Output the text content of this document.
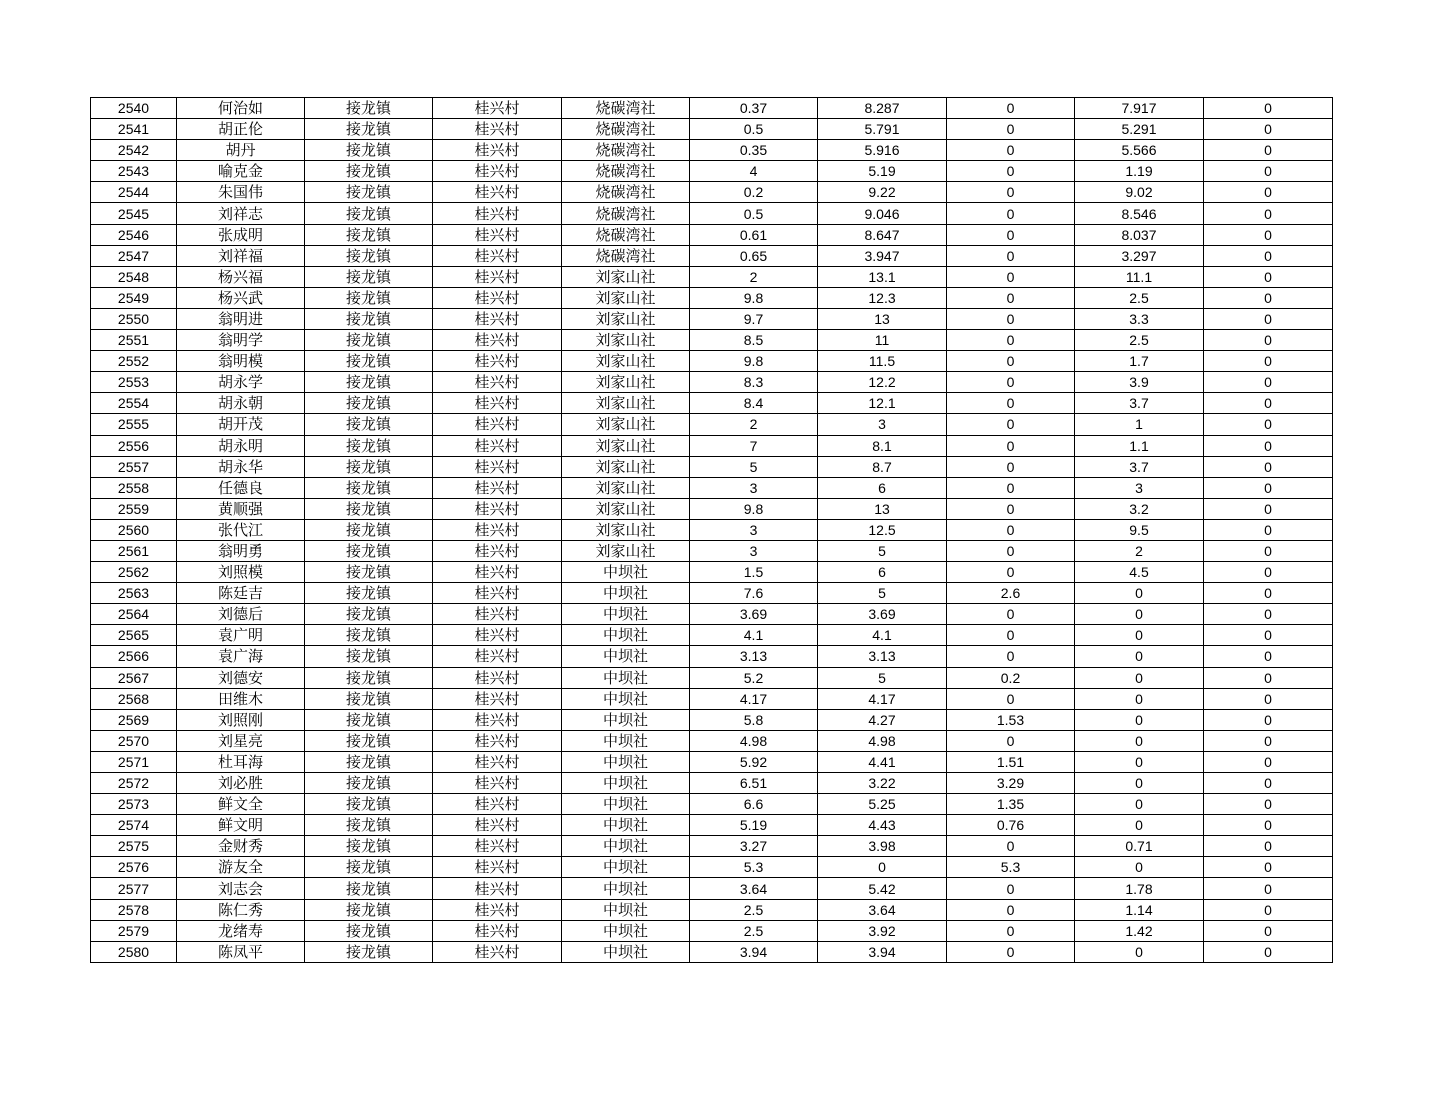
2540	何治如	接龙镇	桂兴村	烧碳湾社	0.37	8.287	0	7.917	0
2541	胡正伦	接龙镇	桂兴村	烧碳湾社	0.5	5.791	0	5.291	0
2542	胡丹	接龙镇	桂兴村	烧碳湾社	0.35	5.916	0	5.566	0
2543	喻克金	接龙镇	桂兴村	烧碳湾社	4	5.19	0	1.19	0
2544	朱国伟	接龙镇	桂兴村	烧碳湾社	0.2	9.22	0	9.02	0
2545	刘祥志	接龙镇	桂兴村	烧碳湾社	0.5	9.046	0	8.546	0
2546	张成明	接龙镇	桂兴村	烧碳湾社	0.61	8.647	0	8.037	0
2547	刘祥福	接龙镇	桂兴村	烧碳湾社	0.65	3.947	0	3.297	0
2548	杨兴福	接龙镇	桂兴村	刘家山社	2	13.1	0	11.1	0
2549	杨兴武	接龙镇	桂兴村	刘家山社	9.8	12.3	0	2.5	0
2550	翁明进	接龙镇	桂兴村	刘家山社	9.7	13	0	3.3	0
2551	翁明学	接龙镇	桂兴村	刘家山社	8.5	11	0	2.5	0
2552	翁明模	接龙镇	桂兴村	刘家山社	9.8	11.5	0	1.7	0
2553	胡永学	接龙镇	桂兴村	刘家山社	8.3	12.2	0	3.9	0
2554	胡永朝	接龙镇	桂兴村	刘家山社	8.4	12.1	0	3.7	0
2555	胡开茂	接龙镇	桂兴村	刘家山社	2	3	0	1	0
2556	胡永明	接龙镇	桂兴村	刘家山社	7	8.1	0	1.1	0
2557	胡永华	接龙镇	桂兴村	刘家山社	5	8.7	0	3.7	0
2558	任德良	接龙镇	桂兴村	刘家山社	3	6	0	3	0
2559	黄顺强	接龙镇	桂兴村	刘家山社	9.8	13	0	3.2	0
2560	张代江	接龙镇	桂兴村	刘家山社	3	12.5	0	9.5	0
2561	翁明勇	接龙镇	桂兴村	刘家山社	3	5	0	2	0
2562	刘照模	接龙镇	桂兴村	中坝社	1.5	6	0	4.5	0
2563	陈廷吉	接龙镇	桂兴村	中坝社	7.6	5	2.6	0	0
2564	刘德后	接龙镇	桂兴村	中坝社	3.69	3.69	0	0	0
2565	袁广明	接龙镇	桂兴村	中坝社	4.1	4.1	0	0	0
2566	袁广海	接龙镇	桂兴村	中坝社	3.13	3.13	0	0	0
2567	刘德安	接龙镇	桂兴村	中坝社	5.2	5	0.2	0	0
2568	田维木	接龙镇	桂兴村	中坝社	4.17	4.17	0	0	0
2569	刘照刚	接龙镇	桂兴村	中坝社	5.8	4.27	1.53	0	0
2570	刘星亮	接龙镇	桂兴村	中坝社	4.98	4.98	0	0	0
2571	杜耳海	接龙镇	桂兴村	中坝社	5.92	4.41	1.51	0	0
2572	刘必胜	接龙镇	桂兴村	中坝社	6.51	3.22	3.29	0	0
2573	鲜文全	接龙镇	桂兴村	中坝社	6.6	5.25	1.35	0	0
2574	鲜文明	接龙镇	桂兴村	中坝社	5.19	4.43	0.76	0	0
2575	金财秀	接龙镇	桂兴村	中坝社	3.27	3.98	0	0.71	0
2576	游友全	接龙镇	桂兴村	中坝社	5.3	0	5.3	0	0
2577	刘志会	接龙镇	桂兴村	中坝社	3.64	5.42	0	1.78	0
2578	陈仁秀	接龙镇	桂兴村	中坝社	2.5	3.64	0	1.14	0
2579	龙绪寿	接龙镇	桂兴村	中坝社	2.5	3.92	0	1.42	0
2580	陈凤平	接龙镇	桂兴村	中坝社	3.94	3.94	0	0	0
